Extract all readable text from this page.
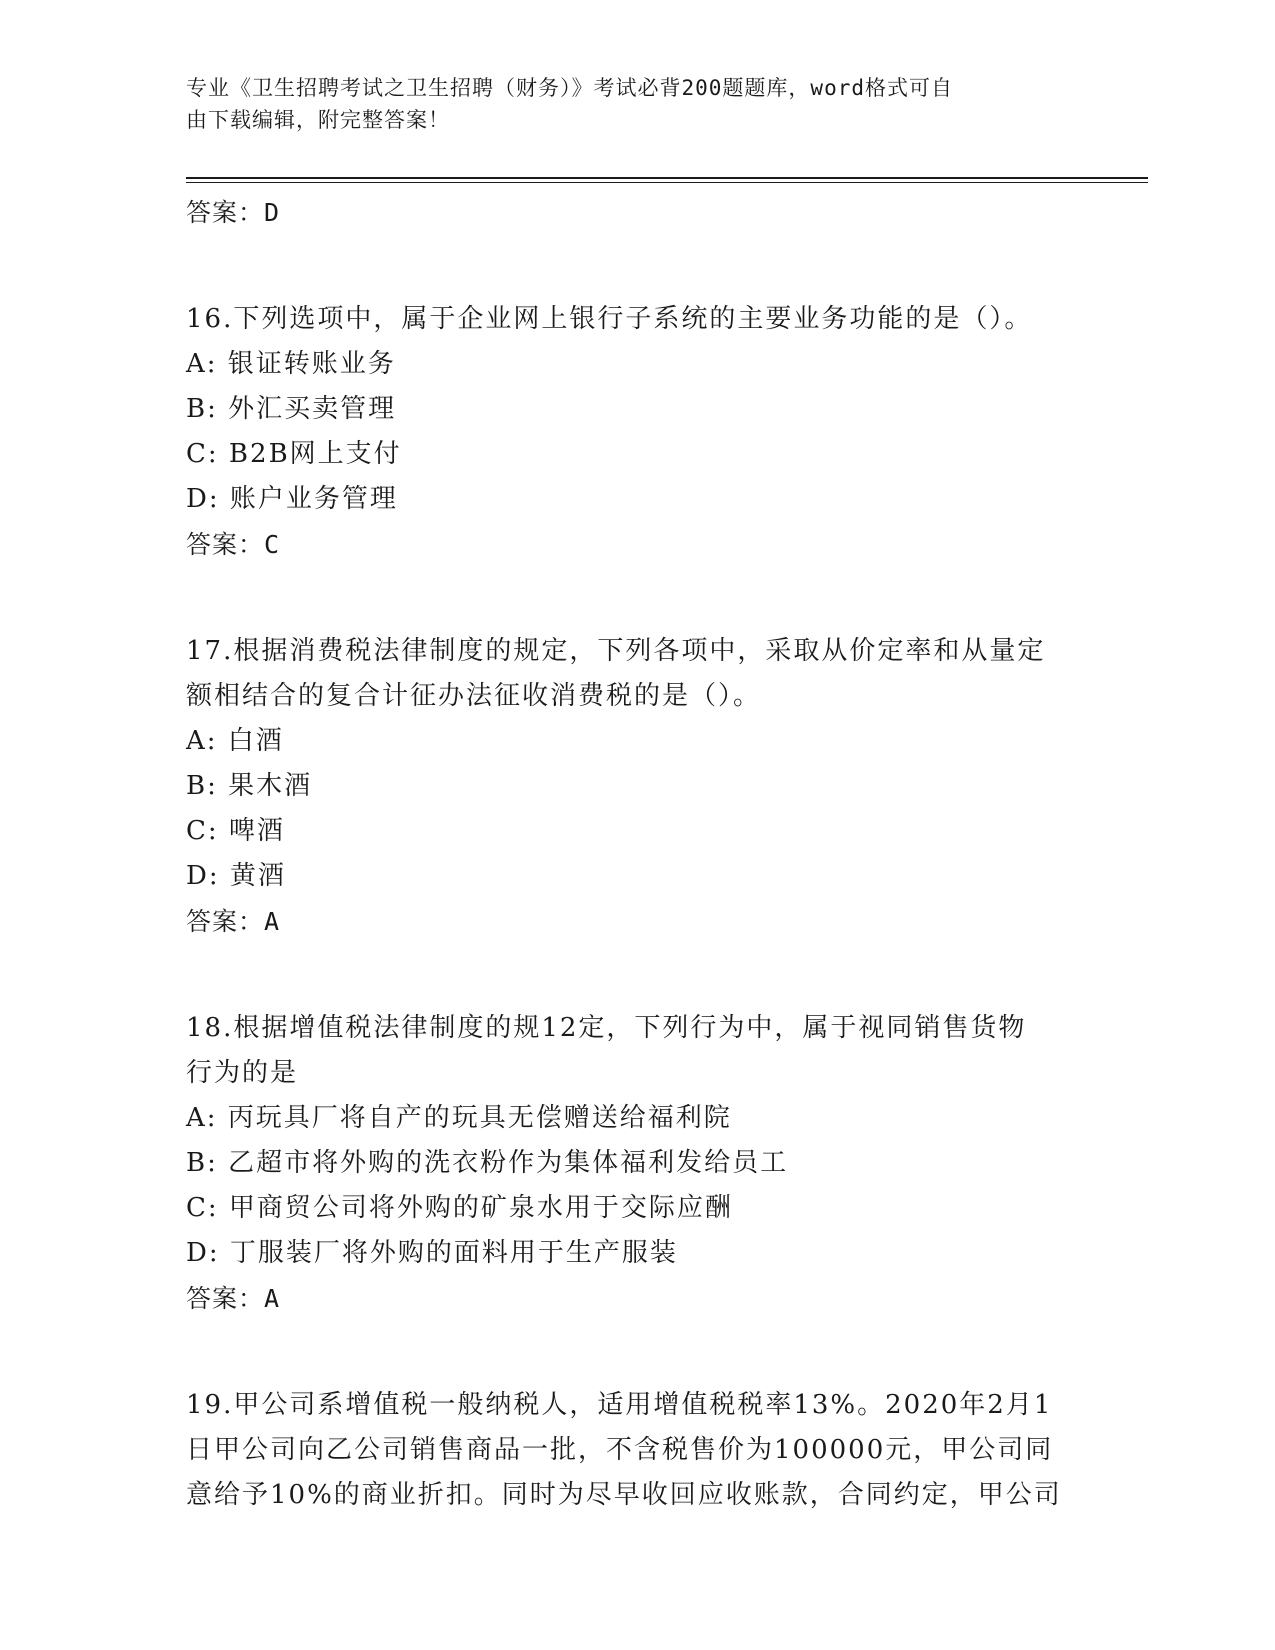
专业《卫生招聘考试之卫生招聘（财务）》考试必背200题题库，word格式可自
由下载编辑，附完整答案！
答案：D
16.下列选项中，属于企业网上银行子系统的主要业务功能的是（）。
A: 银证转账业务
B: 外汇买卖管理
C: B2B网上支付
D: 账户业务管理
答案：C
17.根据消费税法律制度的规定，下列各项中，采取从价定率和从量定
额相结合的复合计征办法征收消费税的是（）。
A: 白酒
B: 果木酒
C: 啤酒
D: 黄酒
答案：A
18.根据增值税法律制度的规12定，下列行为中，属于视同销售货物
行为的是
A: 丙玩具厂将自产的玩具无偿赠送给福利院
B: 乙超市将外购的洗衣粉作为集体福利发给员工
C: 甲商贸公司将外购的矿泉水用于交际应酬
D: 丁服装厂将外购的面料用于生产服装
答案：A
19.甲公司系增值税一般纳税人，适用增值税税率13%。2020年2月1
日甲公司向乙公司销售商品一批，不含税售价为100000元，甲公司同
意给予10%的商业折扣。同时为尽早收回应收账款，合同约定，甲公司
